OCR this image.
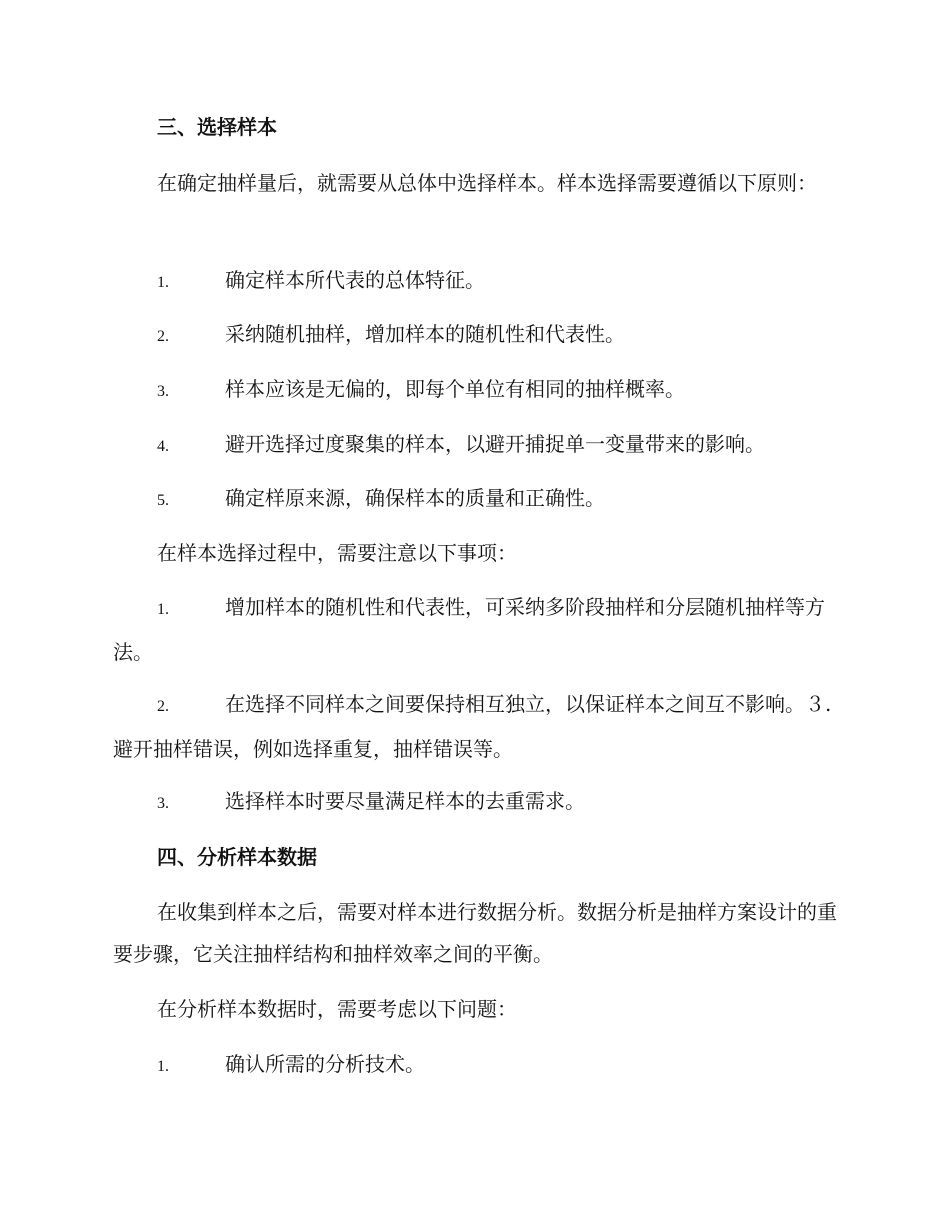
三、选择样本

在确定抽样量后，就需要从总体中选择样本。样本选择需要遵循以下原则：

1.	确定样本所代表的总体特征。

2.	采纳随机抽样，增加样本的随机性和代表性。

3.	样本应该是无偏的，即每个单位有相同的抽样概率。

4.	避开选择过度聚集的样本，以避开捕捉单一变量带来的影响。

5.	确定样原来源，确保样本的质量和正确性。

在样本选择过程中，需要注意以下事项：

1.	增加样本的随机性和代表性，可采纳多阶段抽样和分层随机抽样等方法。

2.	在选择不同样本之间要保持相互独立，以保证样本之间互不影响。３.避开抽样错误，例如选择重复，抽样错误等。

3.	选择样本时要尽量满足样本的去重需求。

四、分析样本数据

在收集到样本之后，需要对样本进行数据分析。数据分析是抽样方案设计的重要步骤，它关注抽样结构和抽样效率之间的平衡。

在分析样本数据时，需要考虑以下问题：

1.	确认所需的分析技术。
